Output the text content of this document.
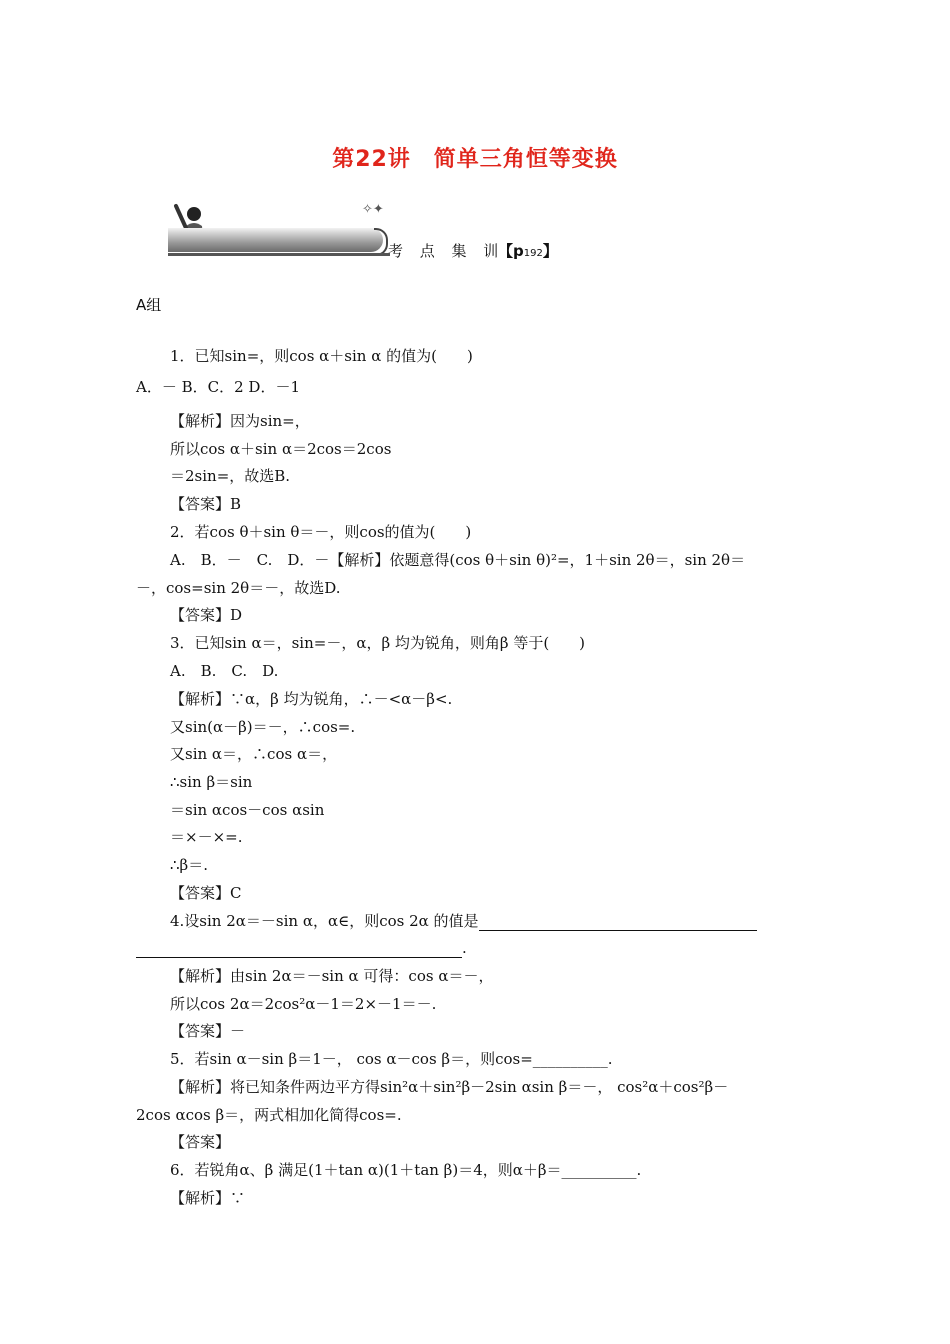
第22讲　简单三角恒等变换
✧✦
考 点 集 训
【p192】
A组
1．已知sin=，则cos α＋sin α 的值为(　　)
A．－ B．C．2 D．－1
【解析】因为sin=，
所以cos α＋sin α＝2cos＝2cos
＝2sin=，故选B.
【答案】B
2．若cos θ＋sin θ＝－，则cos的值为(　　)
A.　B．－　C.　D．－【解析】依题意得(cos θ＋sin θ)²=，1＋sin 2θ＝，sin 2θ＝
－，cos=sin 2θ＝－，故选D.
【答案】D
3．已知sin α＝，sin=－，α，β 均为锐角，则角β 等于(　　)
A.　B.　C.　D.
【解析】∵α，β 均为锐角，∴－<α－β<.
又sin(α－β)＝－，∴cos=.
又sin α＝，∴cos α＝，
∴sin β＝sin
＝sin αcos－cos αsin
＝×－×=.
∴β＝.
【答案】C
4.设sin 2α＝－sin α，α∈，则cos 2α 的值是
.
【解析】由sin 2α＝－sin α 可得：cos α＝－，
所以cos 2α＝2cos²α－1＝2×－1＝－.
【答案】－
5．若sin α－sin β＝1－， cos α－cos β＝，则cos=__________.
【解析】将已知条件两边平方得sin²α＋sin²β－2sin αsin β＝－， cos²α＋cos²β－
2cos αcos β＝，两式相加化简得cos=.
【答案】
6．若锐角α、β 满足(1＋tan α)(1＋tan β)＝4，则α＋β＝__________.
【解析】∵
